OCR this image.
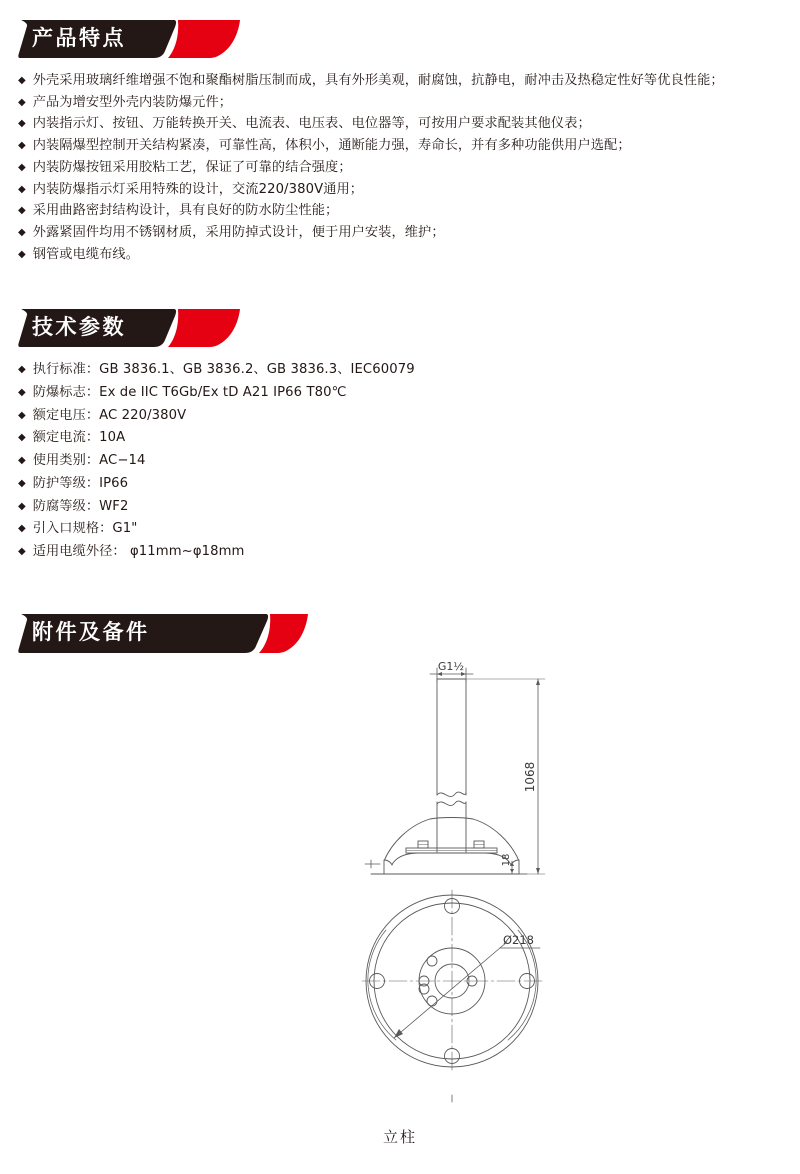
产品特点
◆ 外壳采用玻璃纤维增强不饱和聚酯树脂压制而成，具有外形美观，耐腐蚀，抗静电，耐冲击及热稳定性好等优良性能；
◆ 产品为增安型外壳内装防爆元件；
◆ 内装指示灯、按钮、万能转换开关、电流表、电压表、电位器等，可按用户要求配装其他仪表；
◆ 内装隔爆型控制开关结构紧凑，可靠性高，体积小，通断能力强，寿命长，并有多种功能供用户选配；
◆ 内装防爆按钮采用胶粘工艺，保证了可靠的结合强度；
◆ 内装防爆指示灯采用特殊的设计，交流220/380V通用；
◆ 采用曲路密封结构设计，具有良好的防水防尘性能；
◆ 外露紧固件均用不锈钢材质，采用防掉式设计，便于用户安装，维护；
◆ 钢管或电缆布线。
技术参数
◆ 执行标准：GB 3836.1、GB 3836.2、GB 3836.3、IEC60079
◆ 防爆标志：Ex de IIC T6Gb/Ex tD A21 IP66 T80℃
◆ 额定电压：AC 220/380V
◆ 额定电流：10A
◆ 使用类别：AC−14
◆ 防护等级：IP66
◆ 防腐等级：WF2
◆ 引入口规格：G1"
◆ 适用电缆外径： φ11mm~φ18mm
附件及备件
G1½
1068
18
Ø218
立柱
